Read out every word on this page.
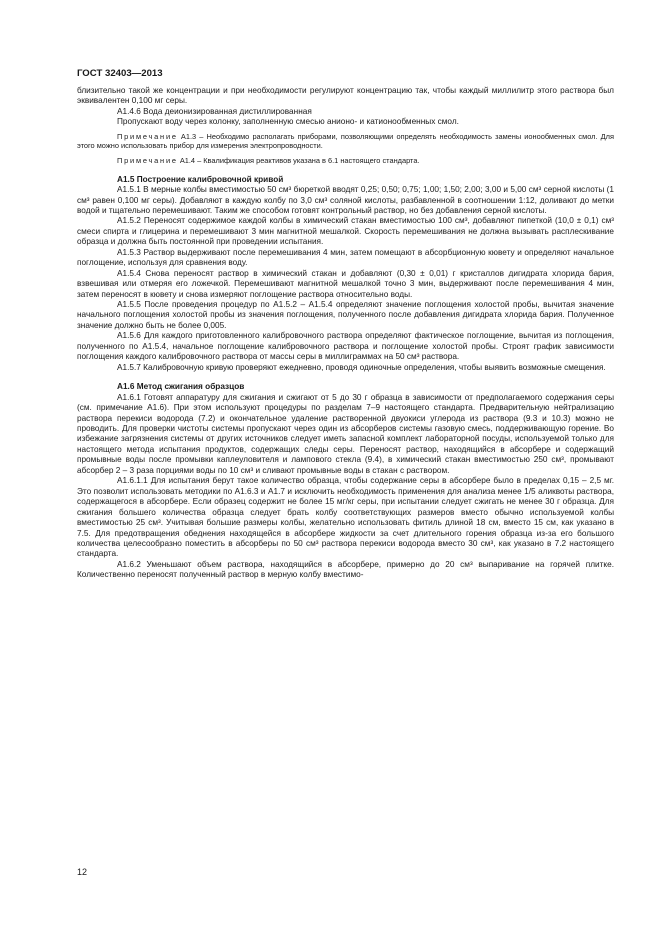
ГОСТ 32403—2013

близительно такой же концентрации и при необходимости регулируют концентрацию так, чтобы каждый миллилитр этого раствора был эквивалентен 0,100 мг серы.

А1.4.6 Вода деионизированная дистиллированная

Пропускают воду через колонку, заполненную смесью анионо- и катионообменных смол.

Примечание А1.3 – Необходимо располагать приборами, позволяющими определять необходимость замены ионообменных смол. Для этого можно использовать прибор для измерения электропроводности.

Примечание А1.4 – Квалификация реактивов указана в 6.1 настоящего стандарта.

А1.5 Построение калибровочной кривой

А1.5.1 В мерные колбы вместимостью 50 см³ бюреткой вводят 0,25; 0,50; 0,75; 1,00; 1,50; 2,00; 3,00 и 5,00 см³ серной кислоты (1 см³ равен 0,100 мг серы). Добавляют в каждую колбу по 3,0 см³ соляной кислоты, разбавленной в соотношении 1:12, доливают до метки водой и тщательно перемешивают. Таким же способом готовят контрольный раствор, но без добавления серной кислоты.

А1.5.2 Переносят содержимое каждой колбы в химический стакан вместимостью 100 см³, добавляют пипеткой (10,0 ± 0,1) см³ смеси спирта и глицерина и перемешивают 3 мин магнитной мешалкой. Скорость перемешивания не должна вызывать расплескивание образца и должна быть постоянной при проведении испытания.

А1.5.3 Раствор выдерживают после перемешивания 4 мин, затем помещают в абсорбционную кювету и определяют начальное поглощение, используя для сравнения воду.

А1.5.4 Снова переносят раствор в химический стакан и добавляют (0,30 ± 0,01) г кристаллов дигидрата хлорида бария, взвешивая или отмеряя его ложечкой. Перемешивают магнитной мешалкой точно 3 мин, выдерживают после перемешивания 4 мин, затем переносят в кювету и снова измеряют поглощение раствора относительно воды.

А1.5.5 После проведения процедур по А1.5.2 – А1.5.4 определяют значение поглощения холостой пробы, вычитая значение начального поглощения холостой пробы из значения поглощения, полученного после добавления дигидрата хлорида бария. Полученное значение должно быть не более 0,005.

А1.5.6 Для каждого приготовленного калибровочного раствора определяют фактическое поглощение, вычитая из поглощения, полученного по А1.5.4, начальное поглощение калибровочного раствора и поглощение холостой пробы. Строят график зависимости поглощения каждого калибровочного раствора от массы серы в миллиграммах на 50 см³ раствора.

А1.5.7 Калибровочную кривую проверяют ежедневно, проводя одиночные определения, чтобы выявить возможные смещения.

А1.6 Метод сжигания образцов

А1.6.1 Готовят аппаратуру для сжигания и сжигают от 5 до 30 г образца в зависимости от предполагаемого содержания серы (см. примечание А1.6). При этом используют процедуры по разделам 7–9 настоящего стандарта. Предварительную нейтрализацию раствора перекиси водорода (7.2) и окончательное удаление растворенной двуокиси углерода из раствора (9.3 и 10.3) можно не проводить. Для проверки чистоты системы пропускают через один из абсорберов системы газовую смесь, поддерживающую горение. Во избежание загрязнения системы от других источников следует иметь запасной комплект лабораторной посуды, используемой только для настоящего метода испытания продуктов, содержащих следы серы. Переносят раствор, находящийся в абсорбере и содержащий промывные воды после промывки каплеуловителя и лампового стекла (9.4), в химический стакан вместимостью 250 см³, промывают абсорбер 2 – 3 раза порциями воды по 10 см³ и сливают промывные воды в стакан с раствором.

А1.6.1.1 Для испытания берут такое количество образца, чтобы содержание серы в абсорбере было в пределах 0,15 – 2,5 мг. Это позволит использовать методики по А1.6.3 и А1.7 и исключить необходимость применения для анализа менее 1/5 аликвоты раствора, содержащегося в абсорбере. Если образец содержит не более 15 мг/кг серы, при испытании следует сжигать не менее 30 г образца. Для сжигания большего количества образца следует брать колбу соответствующих размеров вместо обычно используемой колбы вместимостью 25 см³. Учитывая большие размеры колбы, желательно использовать фитиль длиной 18 см, вместо 15 см, как указано в 7.5. Для предотвращения обеднения находящейся в абсорбере жидкости за счет длительного горения образца из-за его большого количества целесообразно поместить в абсорберы по 50 см³ раствора перекиси водорода вместо 30 см³, как указано в 7.2 настоящего стандарта.

А1.6.2 Уменьшают объем раствора, находящийся в абсорбере, примерно до 20 см³ выпаривание на горячей плитке. Количественно переносят полученный раствор в мерную колбу вместимо-

12
